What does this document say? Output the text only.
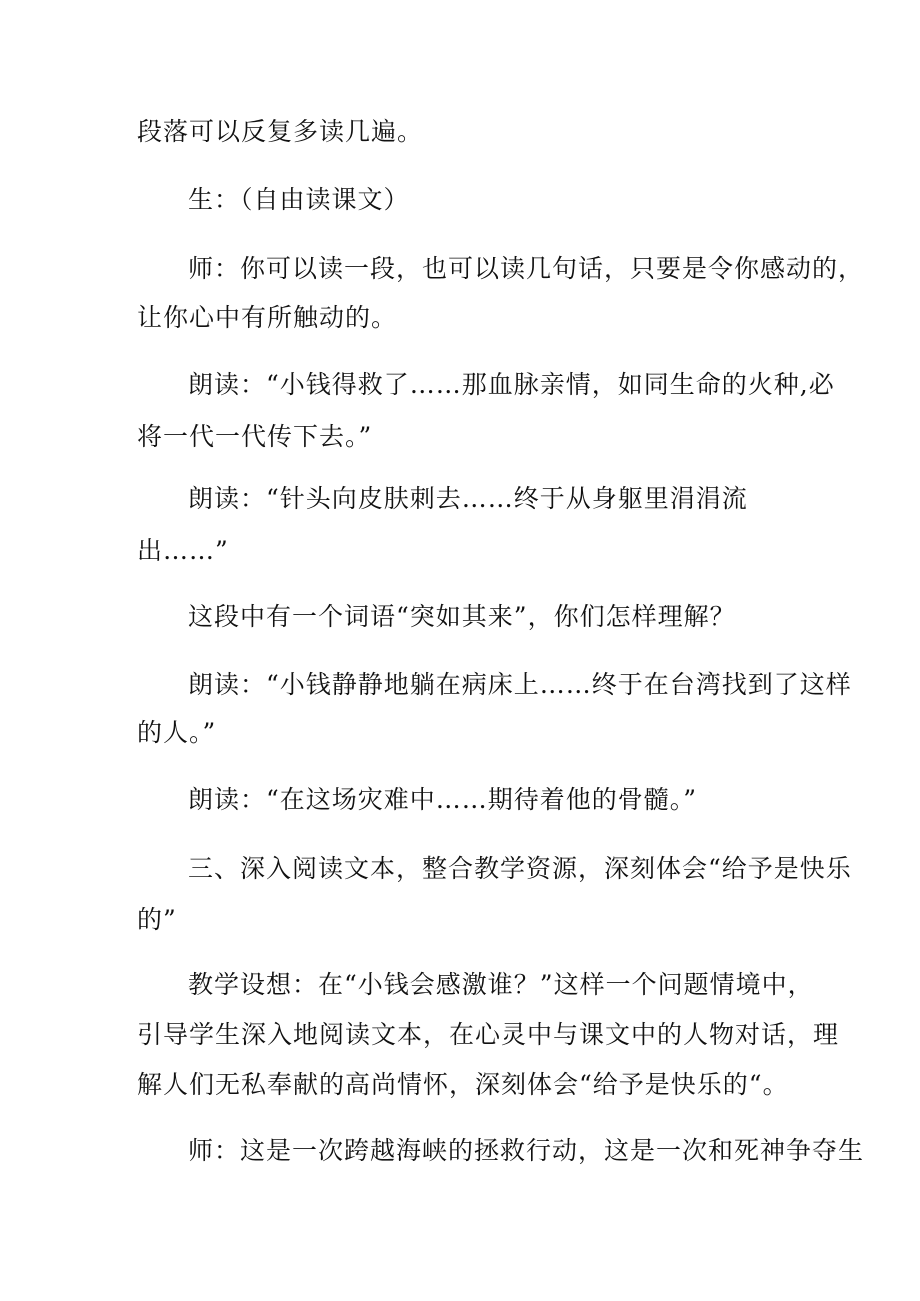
段落可以反复多读几遍。
生：（自由读课文）
师：你可以读一段，也可以读几句话，只要是令你感动的，
让你心中有所触动的。
朗读：“小钱得救了……那血脉亲情，如同生命的火种,必
将一代一代传下去。”
朗读：“针头向皮肤刺去……终于从身躯里涓涓流
出……”
这段中有一个词语“突如其来”，你们怎样理解？
朗读：“小钱静静地躺在病床上……终于在台湾找到了这样
的人。”
朗读：“在这场灾难中……期待着他的骨髓。”
三、深入阅读文本，整合教学资源，深刻体会“给予是快乐
的”
教学设想：在“小钱会感激谁？”这样一个问题情境中，
引导学生深入地阅读文本，在心灵中与课文中的人物对话，理
解人们无私奉献的高尚情怀，深刻体会“给予是快乐的“。
师：这是一次跨越海峡的拯救行动，这是一次和死神争夺生
